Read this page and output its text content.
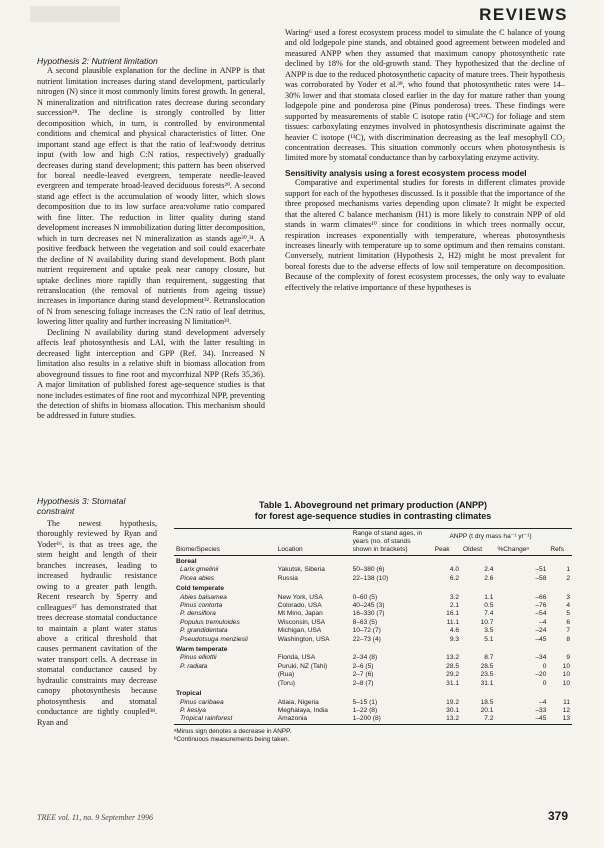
REVIEWS
Hypothesis 2: Nutrient limitation

A second plausible explanation for the decline in ANPP is that nutrient limitation increases during stand development, particularly nitrogen (N) since it most commonly limits forest growth. In general, N mineralization and nitrification rates decrease during secondary succession²⁸. The decline is strongly controlled by litter decomposition which, in turn, is controlled by environmental conditions and chemical and physical characteristics of litter. One important stand age effect is that the ratio of leaf:woody detritus input (with low and high C:N ratios, respectively) gradually decreases during stand development; this pattern has been observed for boreal needle-leaved evergreen, temperate needle-leaved evergreen and temperate broad-leaved deciduous forests²⁹. A second stand age effect is the accumulation of woody litter, which slows decomposition due to its low surface area:volume ratio compared with fine litter. The reduction in litter quality during stand development increases N immobilization during litter decomposition, which in turn decreases net N mineralization as stands age³⁰,³¹. A positive feedback between the vegetation and soil could exacerbate the decline of N availability during stand development. Both plant nutrient requirement and uptake peak near canopy closure, but uptake declines more rapidly than requirement, suggesting that retranslocation (the removal of nutrients from ageing tissue) increases in importance during stand development³². Retranslocation of N from senescing foliage increases the C:N ratio of leaf detritus, lowering litter quality and further increasing N limitation³³.

Declining N availability during stand development adversely affects leaf photosynthesis and LAI, with the latter resulting in decreased light interception and GPP (Ref. 34). Increased N limitation also results in a relative shift in biomass allocation from aboveground tissues to fine root and mycorrhizal NPP (Refs 35,36). A major limitation of published forest age-sequence studies is that none includes estimates of fine root and mycorrhizal NPP, preventing the detection of shifts in biomass allocation. This mechanism should be addressed in future studies.

Hypothesis 3: Stomatal constraint

The newest hypothesis, thoroughly reviewed by Ryan and Yoder¹⁶, is that as trees age, the stem height and length of their branches increases, leading to increased hydraulic resistance owing to a greater path length. Recent research by Sperry and colleagues³⁷ has demonstrated that trees decrease stomatal conductance to maintain a plant water status above a critical threshold that causes permanent cavitation of the water transport cells. A decrease in stomatal conductance caused by hydraulic constraints may decrease canopy photosynthesis because photosynthesis and stomatal conductance are tightly coupled³⁸. Ryan and

Waring⁶ used a forest ecosystem process model to simulate the C balance of young and old lodgepole pine stands, and obtained good agreement between modeled and measured ANPP when they assumed that maximum canopy photosynthetic rate declined by 18% for the old-growth stand. They hypothesized that the decline of ANPP is due to the reduced photosynthetic capacity of mature trees. Their hypothesis was corroborated by Yoder et al.³⁹, who found that photosynthetic rates were 14–30% lower and that stomata closed earlier in the day for mature rather than young lodgepole pine and ponderosa pine (Pinus ponderosa) trees. These findings were supported by measurements of stable C isotope ratio (¹³C/¹²C) for foliage and stem tissues: carboxylating enzymes involved in photosynthesis discriminate against the heavier C isotope (¹³C), with discrimination decreasing as the leaf mesophyll CO₂ concentration decreases. This situation commonly occurs when photosynthesis is limited more by stomatal conductance than by carboxylating enzyme activity.

Sensitivity analysis using a forest ecosystem process model

Comparative and experimental studies for forests in different climates provide support for each of the hypotheses discussed. Is it possible that the importance of the three proposed mechanisms varies depending upon climate? It might be expected that the altered C balance mechanism (H1) is more likely to constrain NPP of old stands in warm climates¹⁰ since for conditions in which trees normally occur, respiration increases exponentially with temperature, whereas photosynthesis increases linearly with temperature up to some optimum and then remains constant. Conversely, nutrient limitation (Hypothesis 2, H2) might be most prevalent for boreal forests due to the adverse effects of low soil temperature on decomposition. Because of the complexity of forest ecosystem processes, the only way to evaluate effectively the relative importance of these hypotheses is

Table 1. Aboveground net primary production (ANPP)
for forest age-sequence studies in contrasting climates
Biome/Species	Location	Range of stand ages, in years (no. of stands shown in brackets)	ANPP (t dry mass ha⁻¹ yr⁻¹)			Refs
			Peak	Oldest	%Changeᵃ	
Boreal						
Larix gmelinii	Yakutsk, Siberia	50–380 (6)	4.0	2.4	–51	1
Picea abies	Russia	22–138 (10)	6.2	2.6	–58	2
Cold temperate						
Abies balsamea	New York, USA	0–60 (5)	3.2	1.1	–66	3
Pinus contorta	Colorado, USA	40–245 (3)	2.1	0.5	–76	4
P. densiflora	Mt Mino, Japan	16–330 (7)	16.1	7.4	–54	5
Populus tremuloides	Wisconsin, USA	8–63 (5)	11.1	10.7	–4	6
P. grandidentata	Michigan, USA	10–72 (7)	4.6	3.5	–24	7
Pseudotsuga menziesii	Washington, USA	22–73 (4)	9.3	5.1	–45	8
Warm temperate						
Pinus elliottii	Florida, USA	2–34 (8)	13.2	8.7	–34	9
P. radiata	Puruki, NZ (Tahi)	2–6 (5)	28.5	28.5	0	10
	(Rua)	2–7 (6)	29.2	23.5	–20	10
	(Toru)	2–8 (7)	31.1	31.1	0	10
Tropical						
Pinus caribaea	Atiaia, Nigeria	5–15 (1)	19.2	18.5	–4	11
P. kesiya	Meghalaya, India	1–22 (8)	30.1	20.1	–33	12
Tropical rainforest	Amazonia	1–200 (8)	13.2	7.2	–45	13
ᵃMinus sign denotes a decrease in ANPP.
ᵇContinuous measurements being taken.
TREE vol. 11, no. 9 September 1996	379
